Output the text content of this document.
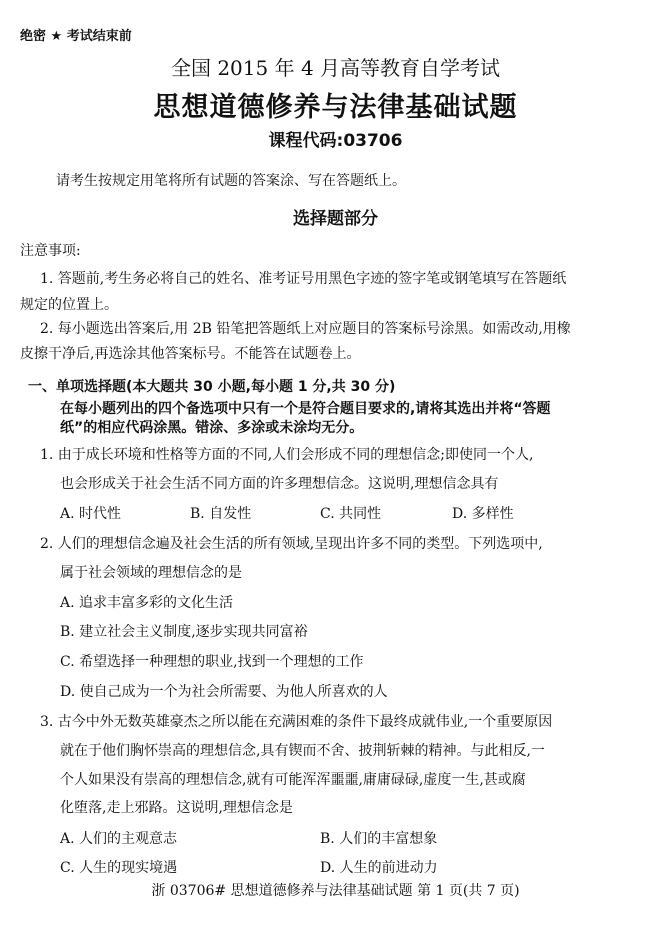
绝密 ★ 考试结束前
全国 2015 年 4 月高等教育自学考试
思想道德修养与法律基础试题
课程代码:03706
请考生按规定用笔将所有试题的答案涂、写在答题纸上。
选择题部分
注意事项:
1. 答题前,考生务必将自己的姓名、准考证号用黑色字迹的签字笔或钢笔填写在答题纸
规定的位置上。
2. 每小题选出答案后,用 2B 铅笔把答题纸上对应题目的答案标号涂黑。如需改动,用橡
皮擦干净后,再选涂其他答案标号。不能答在试题卷上。
一、单项选择题(本大题共 30 小题,每小题 1 分,共 30 分)
在每小题列出的四个备选项中只有一个是符合题目要求的,请将其选出并将“答题
纸”的相应代码涂黑。错涂、多涂或未涂均无分。
1. 由于成长环境和性格等方面的不同,人们会形成不同的理想信念;即使同一个人,
也会形成关于社会生活不同方面的许多理想信念。这说明,理想信念具有
A. 时代性	B. 自发性	C. 共同性	D. 多样性
2. 人们的理想信念遍及社会生活的所有领域,呈现出许多不同的类型。下列选项中,
属于社会领域的理想信念的是
A. 追求丰富多彩的文化生活
B. 建立社会主义制度,逐步实现共同富裕
C. 希望选择一种理想的职业,找到一个理想的工作
D. 使自己成为一个为社会所需要、为他人所喜欢的人
3. 古今中外无数英雄豪杰之所以能在充满困难的条件下最终成就伟业,一个重要原因
就在于他们胸怀崇高的理想信念,具有锲而不舍、披荆斩棘的精神。与此相反,一
个人如果没有崇高的理想信念,就有可能浑浑噩噩,庸庸碌碌,虚度一生,甚或腐
化堕落,走上邪路。这说明,理想信念是
A. 人们的主观意志	B. 人们的丰富想象
C. 人生的现实境遇	D. 人生的前进动力
浙 03706# 思想道德修养与法律基础试题 第 1 页(共 7 页)
